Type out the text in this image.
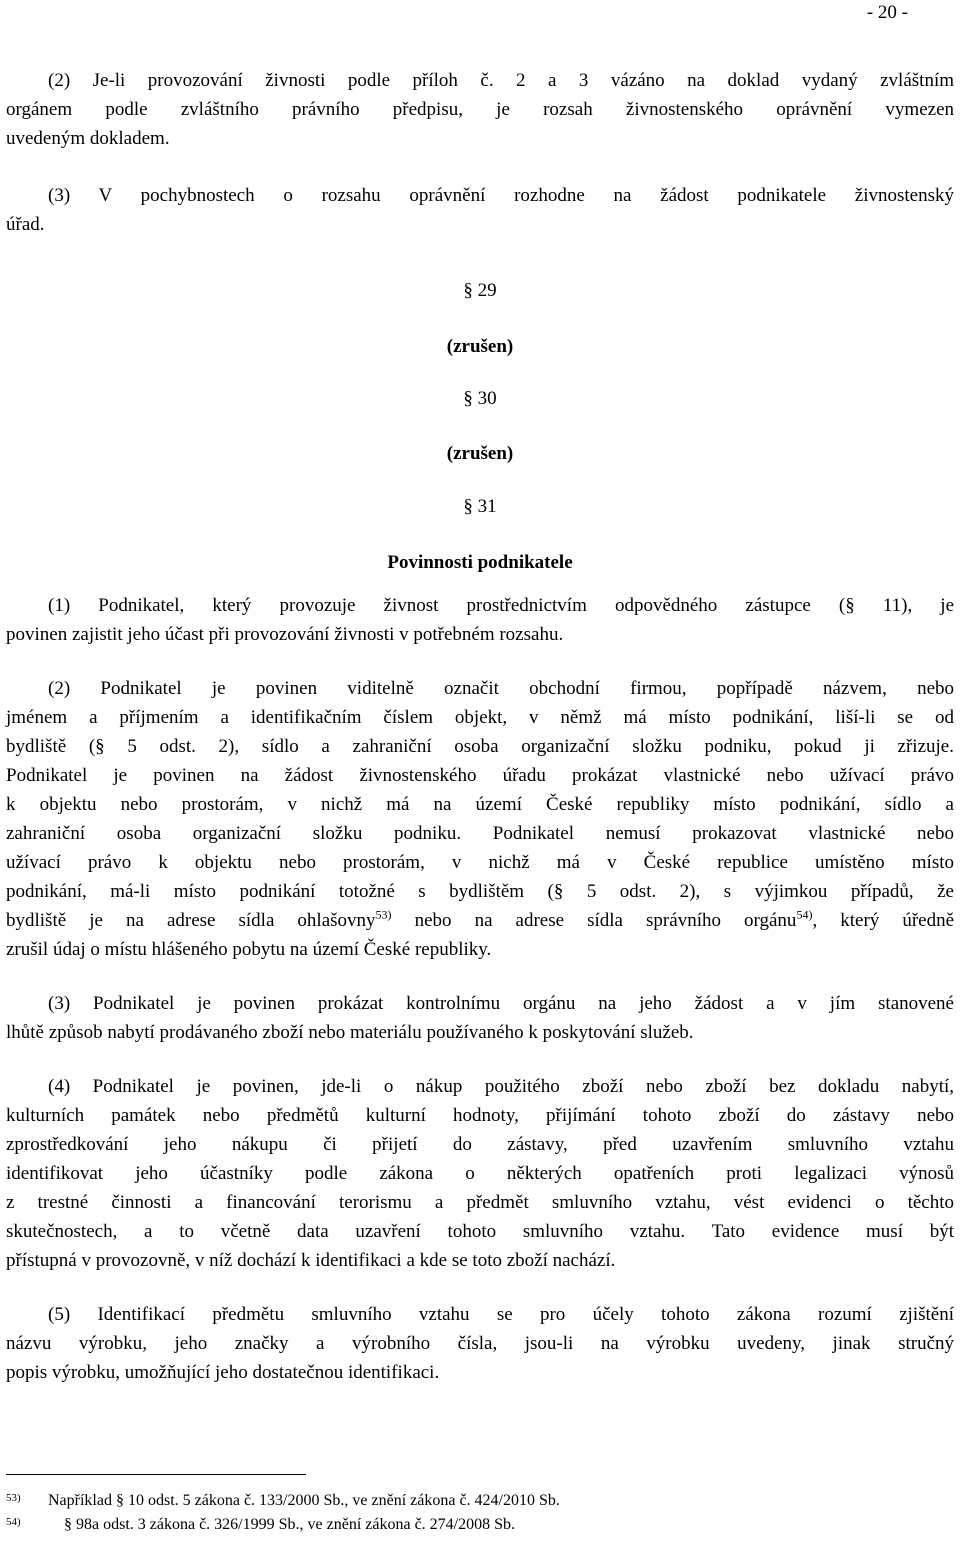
- 20 -
(2) Je-li provozování živnosti podle příloh č. 2 a 3 vázáno na doklad vydaný zvláštním
orgánem podle zvláštního právního předpisu, je rozsah živnostenského oprávnění vymezen
uvedeným dokladem.
(3) V pochybnostech o rozsahu oprávnění rozhodne na žádost podnikatele živnostenský
úřad.
§ 29
(zrušen)
§ 30
(zrušen)
§ 31
Povinnosti podnikatele
(1) Podnikatel, který provozuje živnost prostřednictvím odpovědného zástupce (§ 11), je
povinen zajistit jeho účast při provozování živnosti v potřebném rozsahu.
(2) Podnikatel je povinen viditelně označit obchodní firmou, popřípadě názvem, nebo
jménem a příjmením a identifikačním číslem objekt, v němž má místo podnikání, liší-li se od
bydliště (§ 5 odst. 2), sídlo a zahraniční osoba organizační složku podniku, pokud ji zřizuje.
Podnikatel je povinen na žádost živnostenského úřadu prokázat vlastnické nebo užívací právo
k objektu nebo prostorám, v nichž má na území České republiky místo podnikání, sídlo a
zahraniční osoba organizační složku podniku. Podnikatel nemusí prokazovat vlastnické nebo
užívací právo k objektu nebo prostorám, v nichž má v České republice umístěno místo
podnikání, má-li místo podnikání totožné s bydlištěm (§ 5 odst. 2), s výjimkou případů, že
bydliště je na adrese sídla ohlašovny$^{53)}$ nebo na adrese sídla správního orgánu$^{54)}$, který úředně
zrušil údaj o místu hlášeného pobytu na území České republiky.
(3) Podnikatel je povinen prokázat kontrolnímu orgánu na jeho žádost a v jím stanovené
lhůtě způsob nabytí prodávaného zboží nebo materiálu používaného k poskytování služeb.
(4) Podnikatel je povinen, jde-li o nákup použitého zboží nebo zboží bez dokladu nabytí,
kulturních památek nebo předmětů kulturní hodnoty, přijímání tohoto zboží do zástavy nebo
zprostředkování jeho nákupu či přijetí do zástavy, před uzavřením smluvního vztahu
identifikovat jeho účastníky podle zákona o některých opatřeních proti legalizaci výnosů
z trestné činnosti a financování terorismu a předmět smluvního vztahu, vést evidenci o těchto
skutečnostech, a to včetně data uzavření tohoto smluvního vztahu. Tato evidence musí být
přístupná v provozovně, v níž dochází k identifikaci a kde se toto zboží nachází.
(5) Identifikací předmětu smluvního vztahu se pro účely tohoto zákona rozumí zjištění
názvu výrobku, jeho značky a výrobního čísla, jsou-li na výrobku uvedeny, jinak stručný
popis výrobku, umožňující jeho dostatečnou identifikaci.
53) Například § 10 odst. 5 zákona č. 133/2000 Sb., ve znění zákona č. 424/2010 Sb.
54)	§ 98a odst. 3 zákona č. 326/1999 Sb., ve znění zákona č. 274/2008 Sb.
